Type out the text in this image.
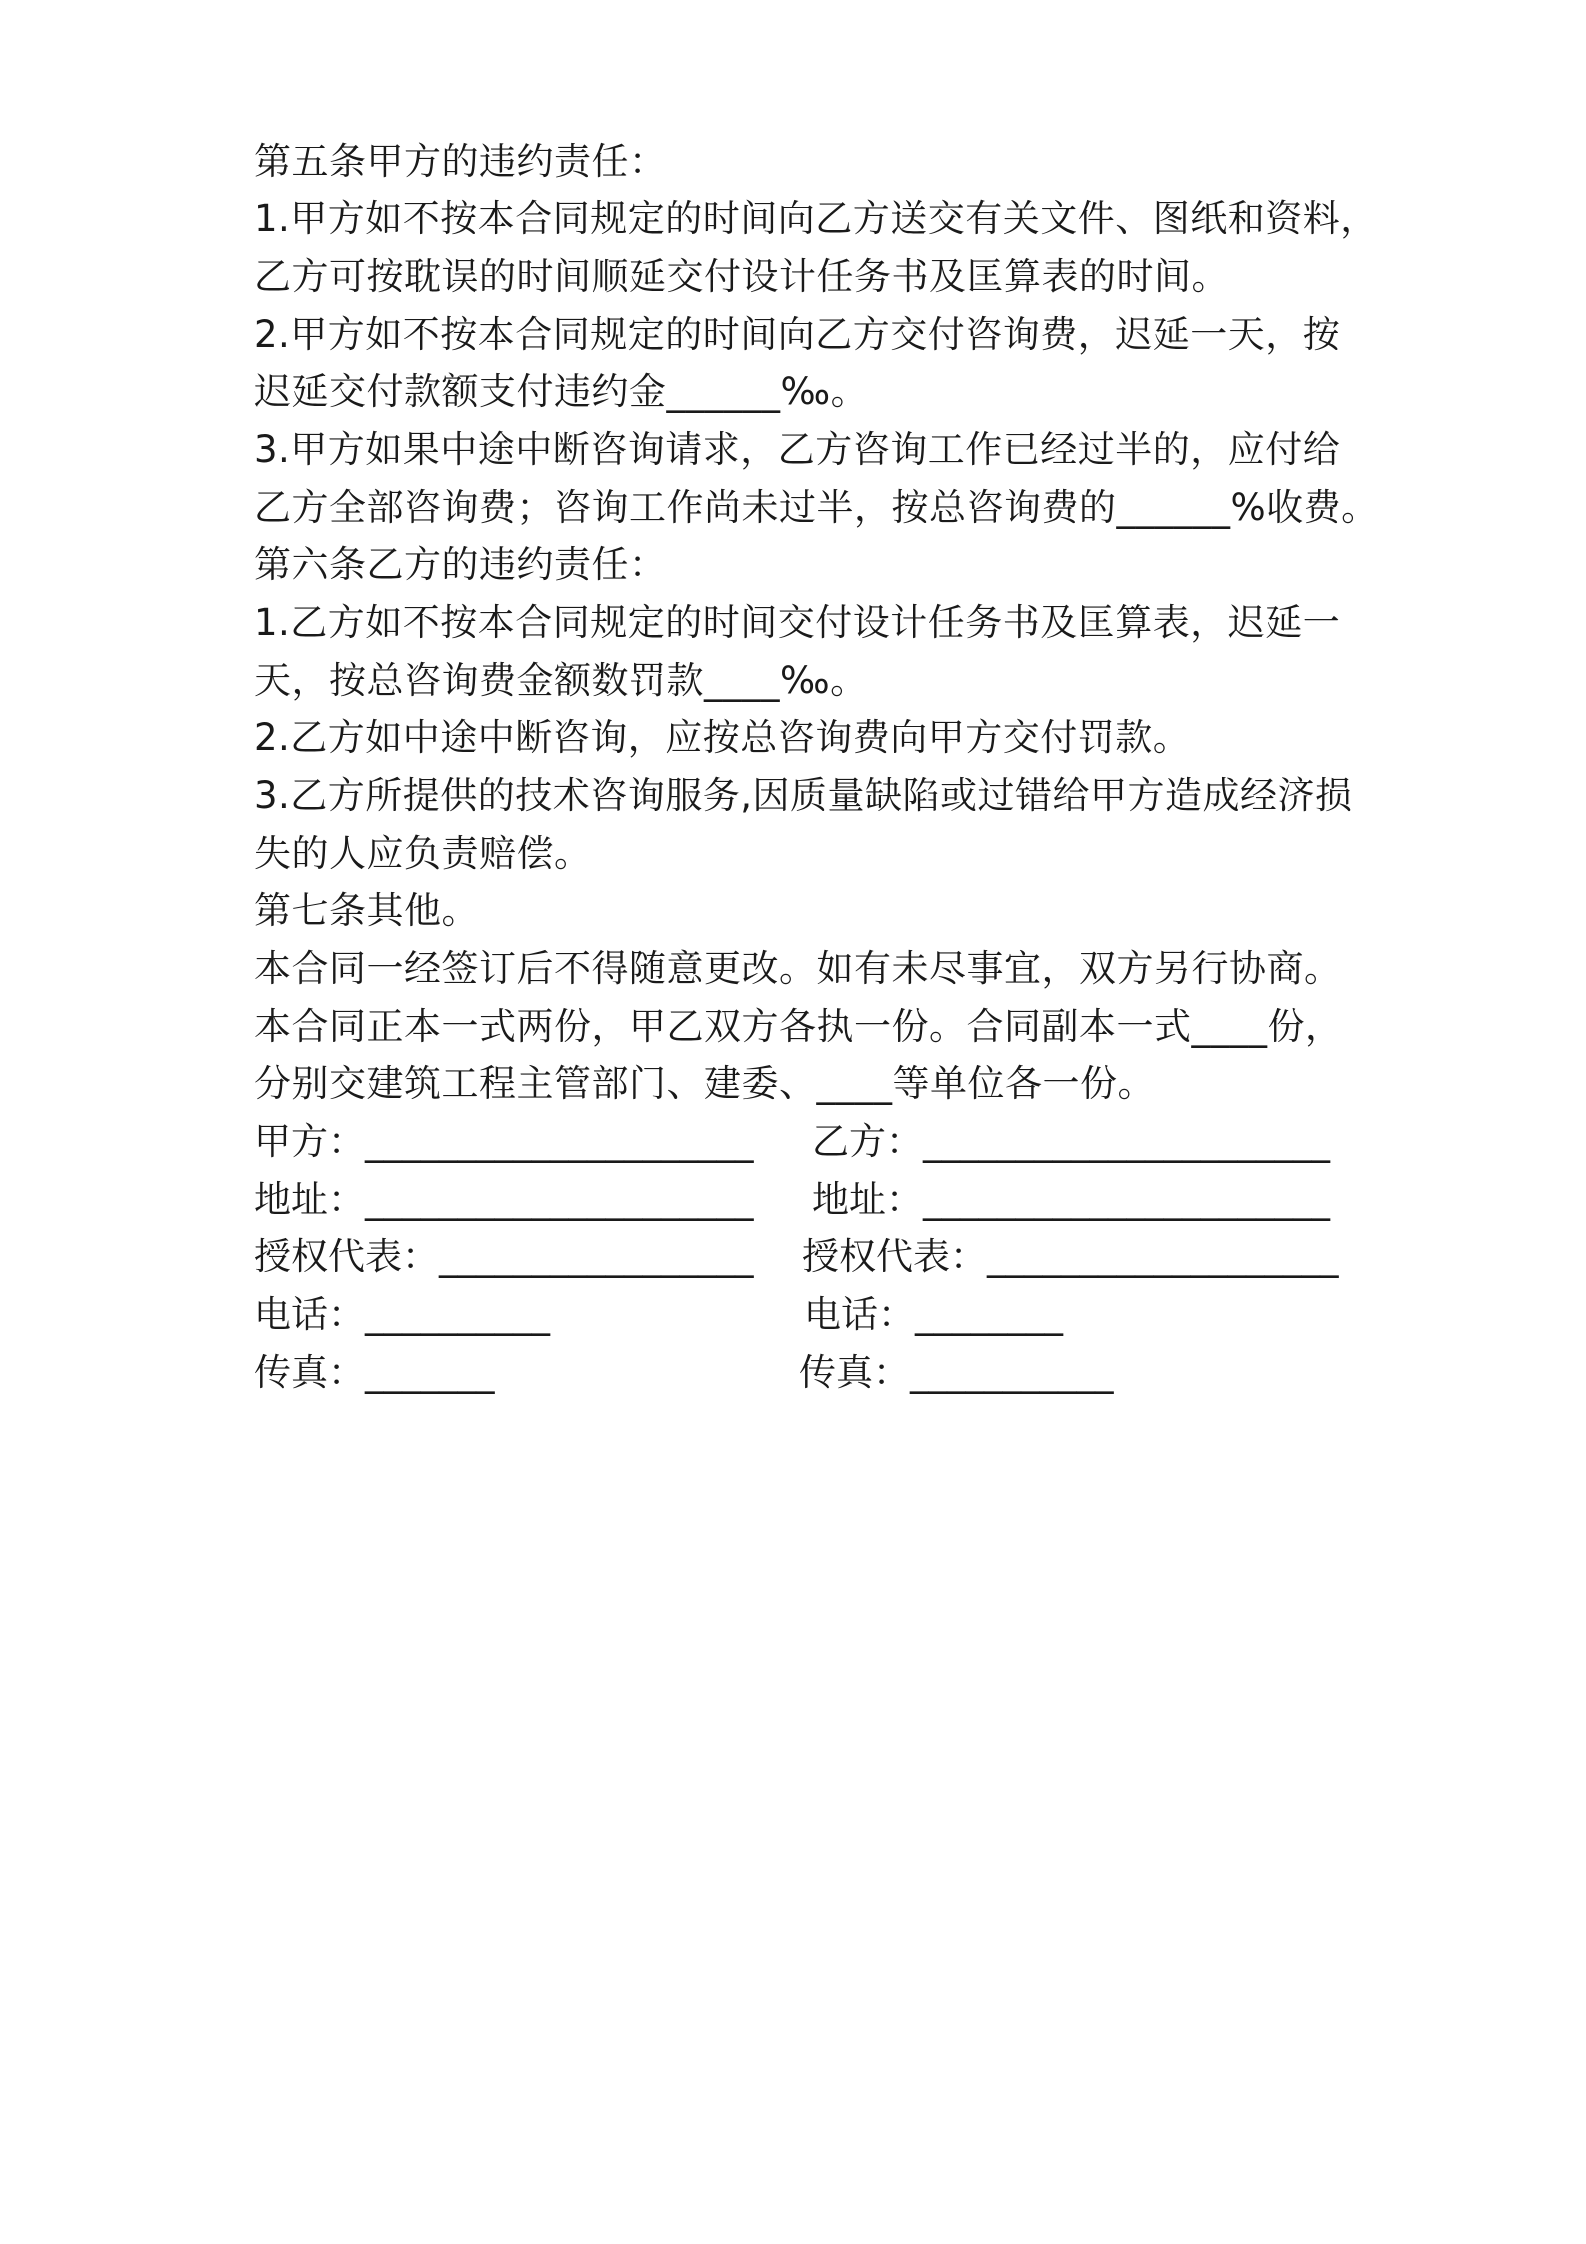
第五条甲方的违约责任：
1.甲方如不按本合同规定的时间向乙方送交有关文件、图纸和资料，
乙方可按耽误的时间顺延交付设计任务书及匡算表的时间。
2.甲方如不按本合同规定的时间向乙方交付咨询费，迟延一天，按
迟延交付款额支付违约金______‰。
3.甲方如果中途中断咨询请求，乙方咨询工作已经过半的，应付给
乙方全部咨询费；咨询工作尚未过半，按总咨询费的______%收费。
第六条乙方的违约责任：
1.乙方如不按本合同规定的时间交付设计任务书及匡算表，迟延一
天，按总咨询费金额数罚款____‰。
2.乙方如中途中断咨询，应按总咨询费向甲方交付罚款。
3.乙方所提供的技术咨询服务,因质量缺陷或过错给甲方造成经济损
失的人应负责赔偿。
第七条其他。
本合同一经签订后不得随意更改。如有未尽事宜，双方另行协商。
本合同正本一式两份，甲乙双方各执一份。合同副本一式____份，
分别交建筑工程主管部门、建委、____等单位各一份。
甲方：_____________________ 乙方：______________________
地址：_____________________ 地址：______________________
授权代表：_________________ 授权代表：___________________
电话：__________	电话：________
传真：_______	传真：___________
